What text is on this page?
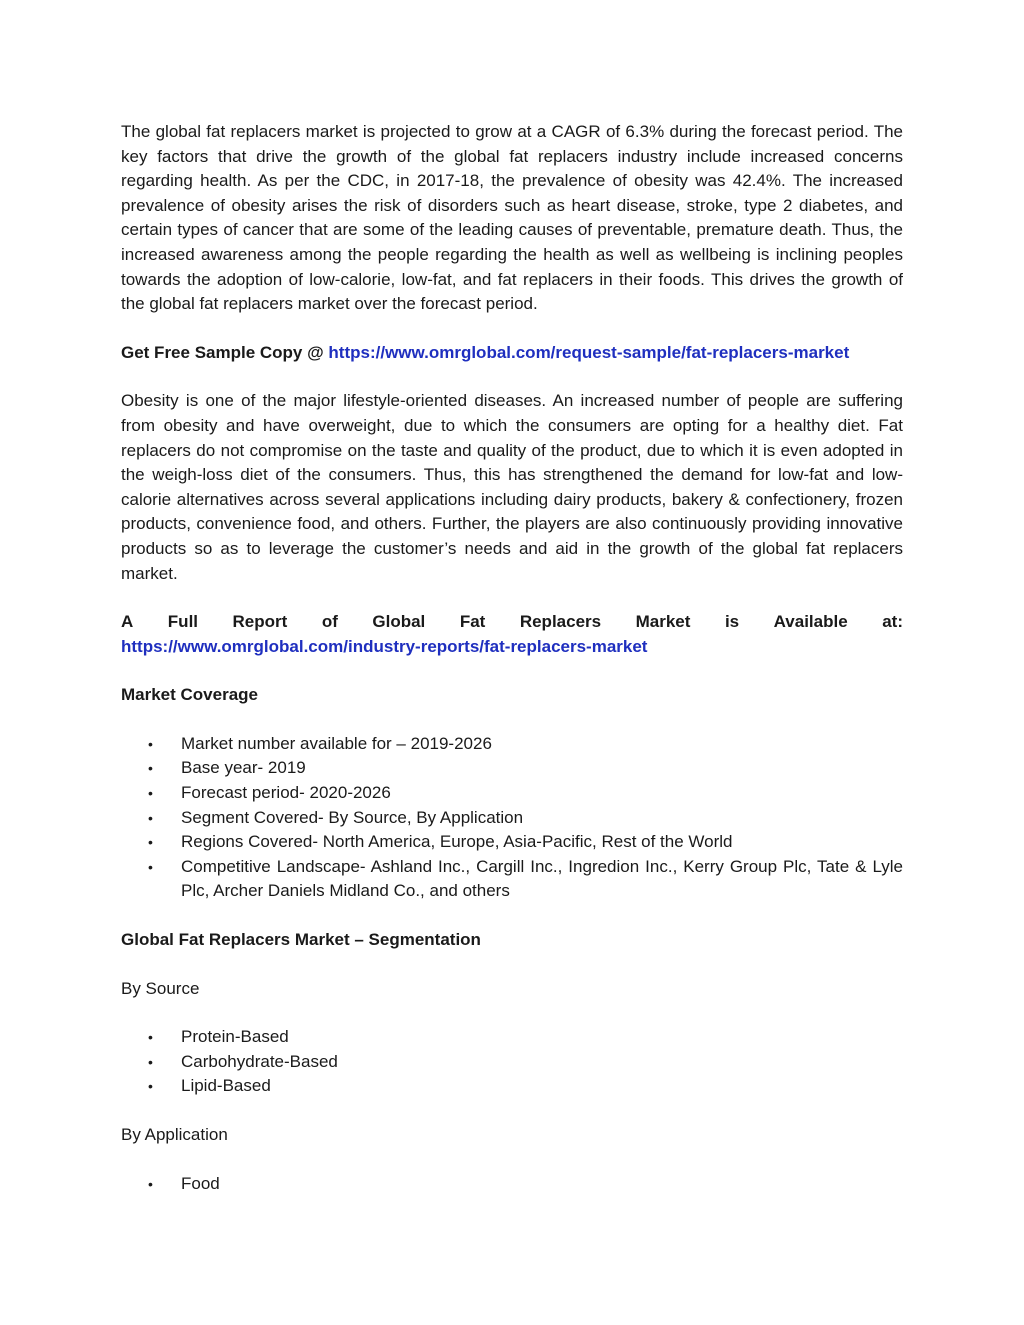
The global fat replacers market is projected to grow at a CAGR of 6.3% during the forecast period. The key factors that drive the growth of the global fat replacers industry include increased concerns regarding health. As per the CDC, in 2017-18, the prevalence of obesity was 42.4%. The increased prevalence of obesity arises the risk of disorders such as heart disease, stroke, type 2 diabetes, and certain types of cancer that are some of the leading causes of preventable, premature death. Thus, the increased awareness among the people regarding the health as well as wellbeing is inclining peoples towards the adoption of low-calorie, low-fat, and fat replacers in their foods. This drives the growth of the global fat replacers market over the forecast period.

Get Free Sample Copy @ https://www.omrglobal.com/request-sample/fat-replacers-market

Obesity is one of the major lifestyle-oriented diseases. An increased number of people are suffering from obesity and have overweight, due to which the consumers are opting for a healthy diet. Fat replacers do not compromise on the taste and quality of the product, due to which it is even adopted in the weigh-loss diet of the consumers. Thus, this has strengthened the demand for low-fat and low-calorie alternatives across several applications including dairy products, bakery & confectionery, frozen products, convenience food, and others. Further, the players are also continuously providing innovative products so as to leverage the customer’s needs and aid in the growth of the global fat replacers market.

A Full Report of Global Fat Replacers Market is Available at:

https://www.omrglobal.com/industry-reports/fat-replacers-market

Market Coverage

• Market number available for – 2019-2026
• Base year- 2019
• Forecast period- 2020-2026
• Segment Covered- By Source, By Application
• Regions Covered- North America, Europe, Asia-Pacific, Rest of the World
• Competitive Landscape- Ashland Inc., Cargill Inc., Ingredion Inc., Kerry Group Plc, Tate & Lyle Plc, Archer Daniels Midland Co., and others

Global Fat Replacers Market – Segmentation

By Source

• Protein-Based
• Carbohydrate-Based
• Lipid-Based

By Application

• Food
